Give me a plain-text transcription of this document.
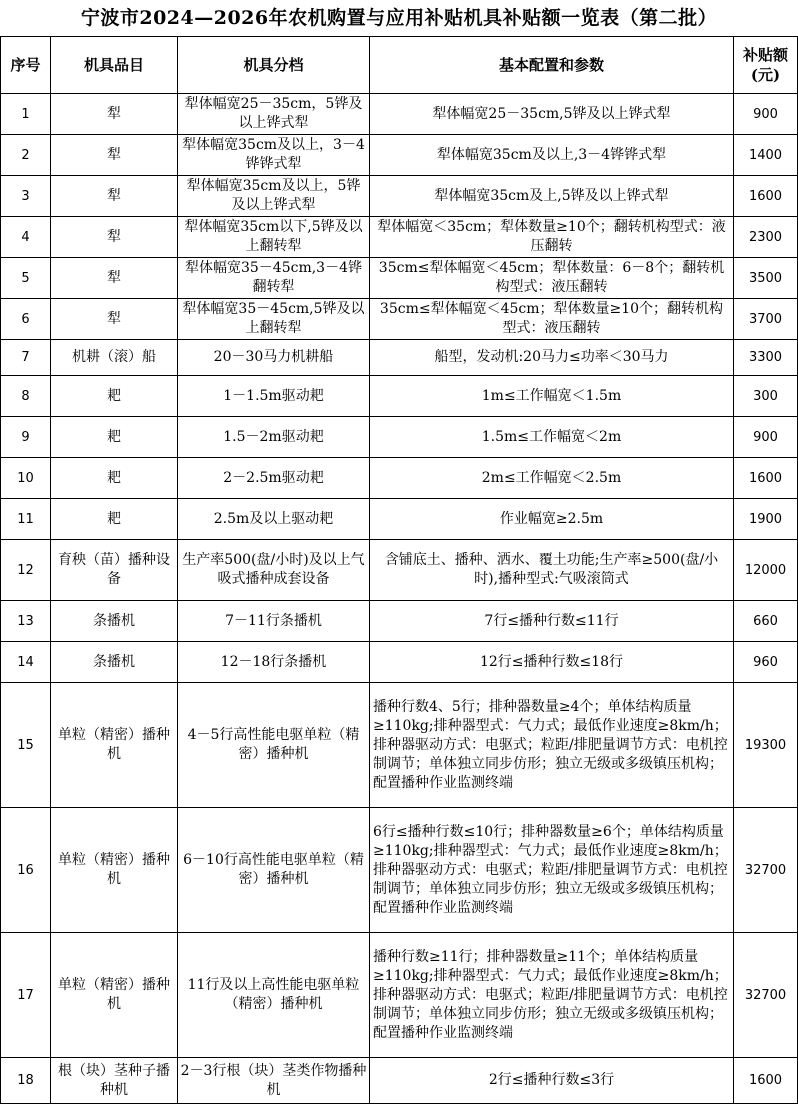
宁波市2024—2026年农机购置与应用补贴机具补贴额一览表（第二批）
序号	机具品目	机具分档	基本配置和参数	补贴额
(元)
1	犁	犁体幅宽25－35cm，5铧及以上铧式犁	犁体幅宽25－35cm,5铧及以上铧式犁	900
2	犁	犁体幅宽35cm及以上，3－4铧铧式犁	犁体幅宽35cm及以上,3－4铧铧式犁	1400
3	犁	犁体幅宽35cm及以上，5铧及以上铧式犁	犁体幅宽35cm及上,5铧及以上铧式犁	1600
4	犁	犁体幅宽35cm以下,5铧及以上翻转犁	犁体幅宽＜35cm；犁体数量≥10个；翻转机构型式：液压翻转	2300
5	犁	犁体幅宽35－45cm,3－4铧翻转犁	35cm≤犁体幅宽＜45cm；犁体数量：6－8个；翻转机构型式：液压翻转	3500
6	犁	犁体幅宽35－45cm,5铧及以上翻转犁	35cm≤犁体幅宽＜45cm；犁体数量≥10个；翻转机构型式：液压翻转	3700
7	机耕（滚）船	20－30马力机耕船	船型，发动机:20马力≤功率＜30马力	3300
8	耙	1－1.5m驱动耙	1m≤工作幅宽＜1.5m	300
9	耙	1.5－2m驱动耙	1.5m≤工作幅宽＜2m	900
10	耙	2－2.5m驱动耙	2m≤工作幅宽＜2.5m	1600
11	耙	2.5m及以上驱动耙	作业幅宽≥2.5m	1900
12	育秧（苗）播种设备	生产率500(盘/小时)及以上气吸式播种成套设备	含铺底土、播种、洒水、覆土功能;生产率≥500(盘/小时),播种型式:气吸滚筒式	12000
13	条播机	7－11行条播机	7行≤播种行数≤11行	660
14	条播机	12－18行条播机	12行≤播种行数≤18行	960
15	单粒（精密）播种机	4－5行高性能电驱单粒（精密）播种机	播种行数4、5行；排种器数量≥4个；单体结构质量≥110kg;排种器型式：气力式；最低作业速度≥8km/h；排种器驱动方式：电驱式；粒距/排肥量调节方式：电机控制调节；单体独立同步仿形；独立无级或多级镇压机构；配置播种作业监测终端	19300
16	单粒（精密）播种机	6－10行高性能电驱单粒（精密）播种机	6行≤播种行数≤10行；排种器数量≥6个；单体结构质量≥110kg;排种器型式：气力式；最低作业速度≥8km/h；排种器驱动方式：电驱式；粒距/排肥量调节方式：电机控制调节；单体独立同步仿形；独立无级或多级镇压机构；配置播种作业监测终端	32700
17	单粒（精密）播种机	11行及以上高性能电驱单粒（精密）播种机	播种行数≥11行；排种器数量≥11个；单体结构质量≥110kg;排种器型式：气力式；最低作业速度≥8km/h；排种器驱动方式：电驱式；粒距/排肥量调节方式：电机控制调节；单体独立同步仿形；独立无级或多级镇压机构；配置播种作业监测终端	32700
18	根（块）茎种子播种机	2－3行根（块）茎类作物播种机	2行≤播种行数≤3行	1600
